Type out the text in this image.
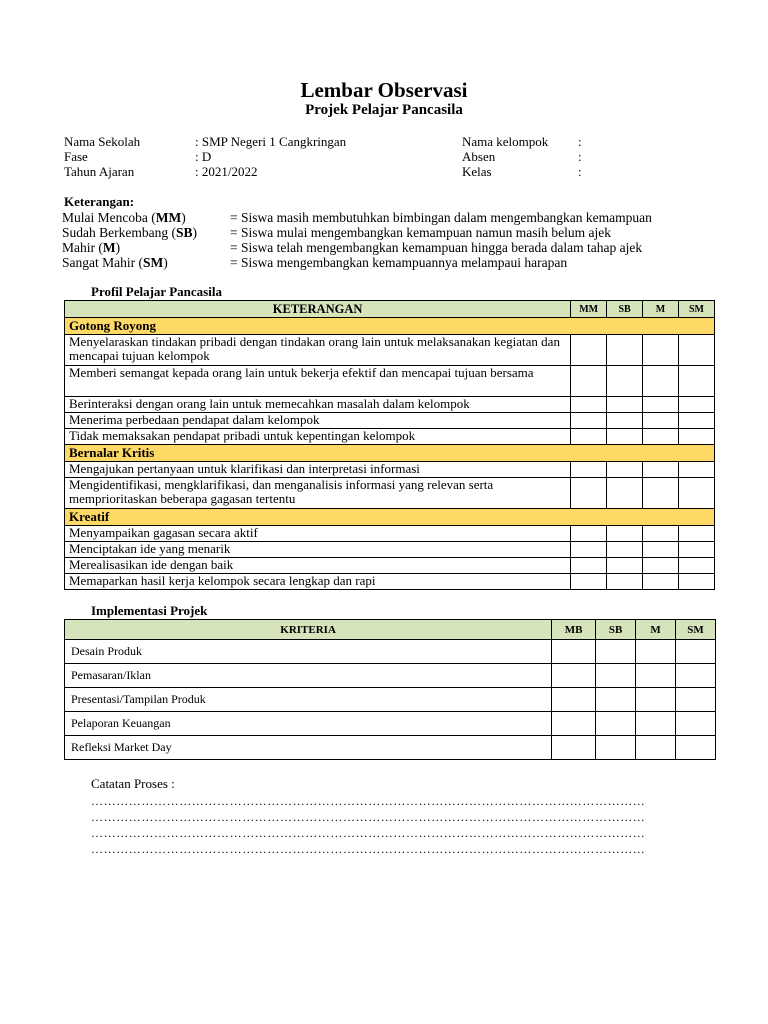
Lembar Observasi
Projek Pelajar Pancasila
Nama Sekolah	: SMP Negeri 1 Cangkringan
Fase	: D
Tahun Ajaran	: 2021/2022
Nama kelompok :
Absen	:
Kelas	:
Keterangan:
Mulai Mencoba (MM)	= Siswa masih membutuhkan bimbingan dalam mengembangkan kemampuan
Sudah Berkembang (SB) = Siswa mulai mengembangkan kemampuan namun masih belum ajek
Mahir (M)	= Siswa telah mengembangkan kemampuan hingga berada dalam tahap ajek
Sangat Mahir (SM)	= Siswa mengembangkan kemampuannya melampaui harapan
Profil Pelajar Pancasila
KETERANGAN	MM	SB	M	SM
Gotong Royong				
Menyelaraskan tindakan pribadi dengan tindakan orang lain untuk melaksanakan kegiatan dan mencapai tujuan kelompok				
Memberi semangat kepada orang lain untuk bekerja efektif dan mencapai tujuan bersama				
Berinteraksi dengan orang lain untuk memecahkan masalah dalam kelompok				
Menerima perbedaan pendapat dalam kelompok				
Tidak memaksakan pendapat pribadi untuk kepentingan kelompok				
Bernalar Kritis				
Mengajukan pertanyaan untuk klarifikasi dan interpretasi informasi				
Mengidentifikasi, mengklarifikasi, dan menganalisis informasi yang relevan serta memprioritaskan beberapa gagasan tertentu				
Kreatif				
Menyampaikan gagasan secara aktif				
Menciptakan ide yang menarik				
Merealisasikan ide dengan baik				
Memaparkan hasil kerja kelompok secara lengkap dan rapi				
Implementasi Projek
KRITERIA	MB	SB	M	SM
Desain Produk				
Pemasaran/Iklan				
Presentasi/Tampilan Produk				
Pelaporan Keuangan				
Refleksi Market Day				
Catatan Proses :
……………………………………………………………………………………………………………………
……………………………………………………………………………………………………………………
……………………………………………………………………………………………………………………
……………………………………………………………………………………………………………………
